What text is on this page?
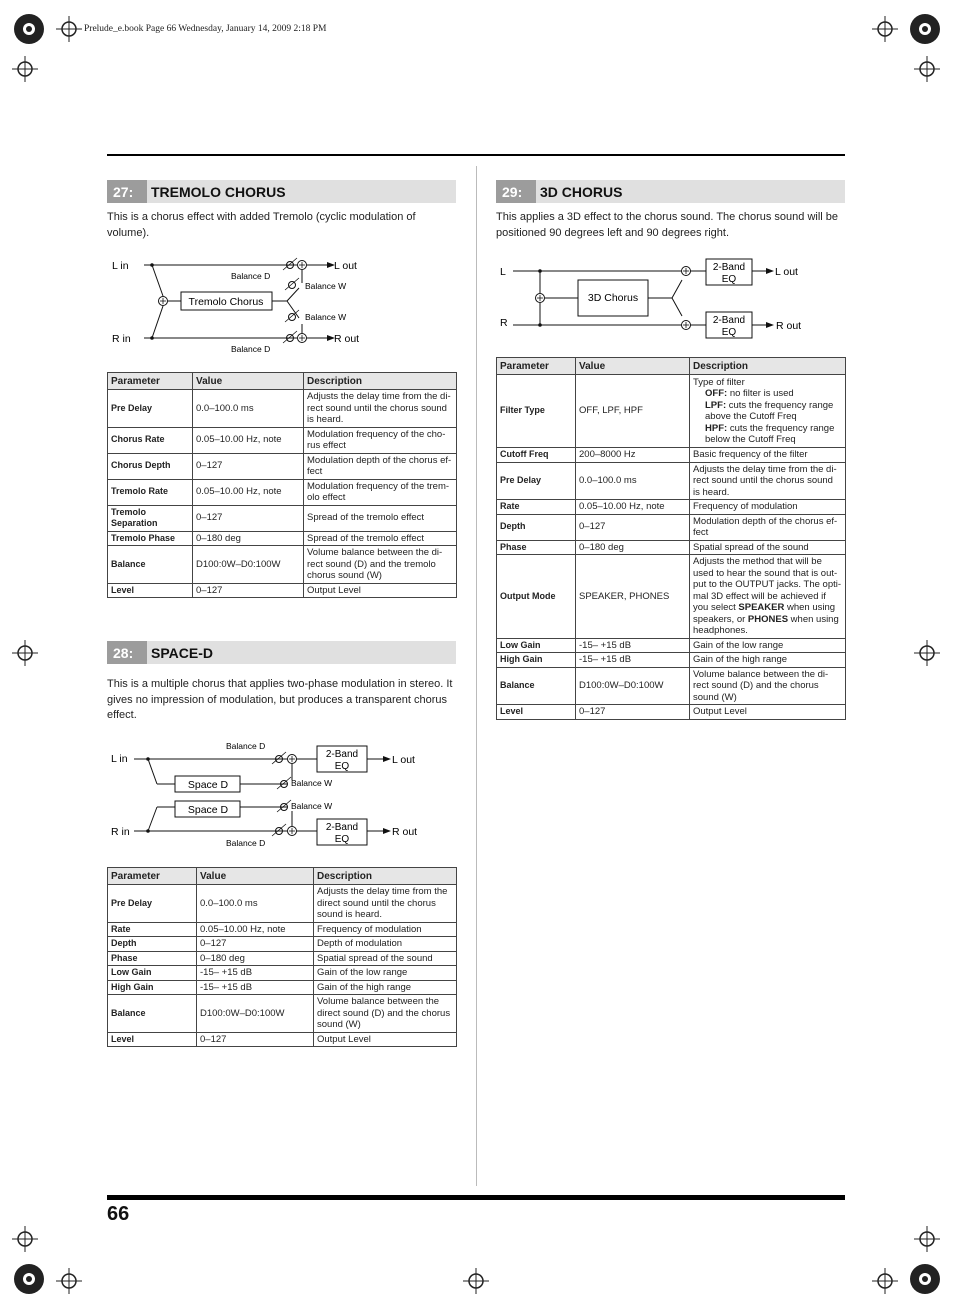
Prelude_e.book Page 66 Wednesday, January 14, 2009 2:18 PM
27:	TREMOLO CHORUS
This is a chorus effect with added Tremolo (cyclic modulation of volume).
L in
R in
L out
R out
Tremolo Chorus
Balance D
Balance W
Balance W
Balance D
Parameter	Value	Description
Pre Delay	0.0–100.0 ms	Adjusts the delay time from the di- rect sound until the chorus sound is heard.
Chorus Rate	0.05–10.00 Hz, note	Modulation frequency of the cho- rus effect
Chorus Depth	0–127	Modulation depth of the chorus ef- fect
Tremolo Rate	0.05–10.00 Hz, note	Modulation frequency of the trem- olo effect
Tremolo Separation	0–127	Spread of the tremolo effect
Tremolo Phase	0–180 deg	Spread of the tremolo effect
Balance	D100:0W–D0:100W	Volume balance between the di- rect sound (D) and the tremolo chorus sound (W)
Level	0–127	Output Level
28:	SPACE-D
This is a multiple chorus that applies two-phase modulation in stereo. It gives no impression of modulation, but produces a transparent chorus effect.
L in
R in
L out
R out
Space D
Space D
2-Band
EQ
2-Band
EQ
Balance D
Balance W
Balance W
Balance D
Parameter	Value	Description
Pre Delay	0.0–100.0 ms	Adjusts the delay time from the direct sound until the chorus sound is heard.
Rate	0.05–10.00 Hz, note	Frequency of modulation
Depth	0–127	Depth of modulation
Phase	0–180 deg	Spatial spread of the sound
Low Gain	-15– +15 dB	Gain of the low range
High Gain	-15– +15 dB	Gain of the high range
Balance	D100:0W–D0:100W	Volume balance between the direct sound (D) and the chorus sound (W)
Level	0–127	Output Level
29:	3D CHORUS
This applies a 3D effect to the chorus sound. The chorus sound will be positioned 90 degrees left and 90 degrees right.
L
R
L out
R out
3D Chorus
2-Band
EQ
2-Band
EQ
Parameter	Value	Description
Filter Type	OFF, LPF, HPF	Type of filter
OFF: no filter is used
LPF: cuts the frequency range above the Cutoff Freq
HPF: cuts the frequency range below the Cutoff Freq

Cutoff Freq	200–8000 Hz	Basic frequency of the filter
Pre Delay	0.0–100.0 ms	Adjusts the delay time from the di- rect sound until the chorus sound is heard.
Rate	0.05–10.00 Hz, note	Frequency of modulation
Depth	0–127	Modulation depth of the chorus ef- fect
Phase	0–180 deg	Spatial spread of the sound
Output Mode	SPEAKER, PHONES	Adjusts the method that will be used to hear the sound that is out- put to the OUTPUT jacks. The opti- mal 3D effect will be achieved if you select SPEAKER when using speakers, or PHONES when using headphones.
Low Gain	-15– +15 dB	Gain of the low range
High Gain	-15– +15 dB	Gain of the high range
Balance	D100:0W–D0:100W	Volume balance between the di- rect sound (D) and the chorus sound (W)
Level	0–127	Output Level
66
